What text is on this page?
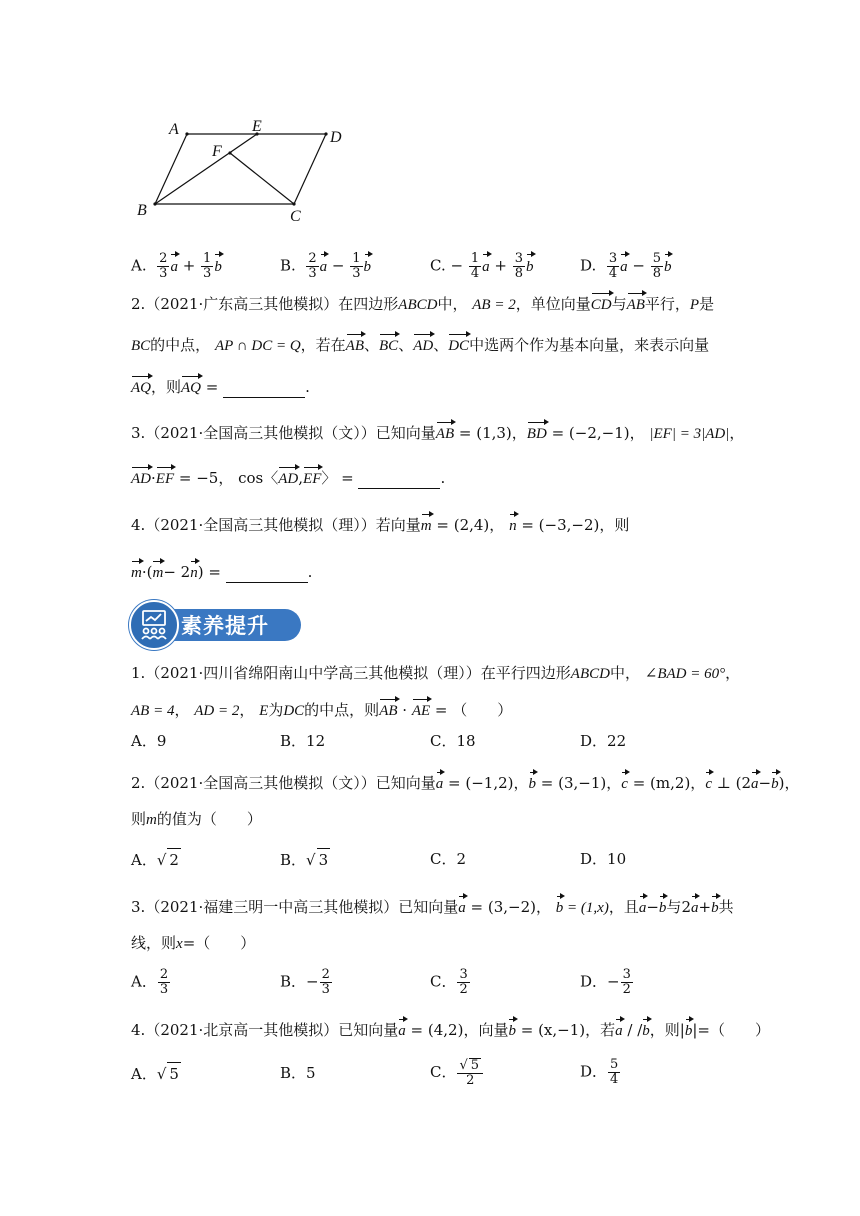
A	E
D
F
B	C
A. $\frac{2}{3}$ $a + \frac{1}{3}$ b	B. $\frac{2}{3}$ $a - \frac{1}{3}$ b	C. − $\frac{1}{4}$ $a + \frac{3}{8}$ b	D. $\frac{3}{4}$ $a - \frac{5}{8}$ b
2.（2021·广东高三其他模拟）在四边形ABCD中， AB = 2，单位向量CD与AB平行，P是
BC的中点， AP ∩ DC = Q，若在AB、BC、AD、DC中选两个作为基本向量，来表示向量
AQ，则AQ =	.
3.（2021·全国高三其他模拟（文））已知向量AB = (1,3)，BD = (−2,−1)， |EF| = 3|AD|，
AD·EF = −5， cos〈AD,EF〉 =	.
4.（2021·全国高三其他模拟（理））若向量m = (2,4)， n = (−3,−2)，则
m·(m− 2n) =	.
素养提升
1.（2021·四川省绵阳南山中学高三其他模拟（理））在平行四边形ABCD中， ∠BAD = 60°，
AB = 4， AD = 2， E为DC的中点，则AB · AE = （　　）
A．9	B．12	C．18	D．22
2.（2021·全国高三其他模拟（文））已知向量a = (−1,2)，b = (3,−1)，c = (m,2)，c ⊥ (2a−b)，
则m的值为（　　）
A．√ 2	B．√ 3	C．2	D．10
3.（2021·福建三明一中高三其他模拟）已知向量a = (3,−2)， b = (1,x)，且a−b与2a+b共
线，则x=（　　）
A． $\frac{2}{3}$	B．− $\frac{2}{3}$	C． $\frac{3}{2}$	D．− $\frac{3}{2}$
4.（2021·北京高一其他模拟）已知向量a = (4,2)，向量b = (x,−1)，若a / /b，则|b|=（　　）
A．√ 5	B．5	C． $\frac{√ 5}{2}$	D． $\frac{5}{4}$
